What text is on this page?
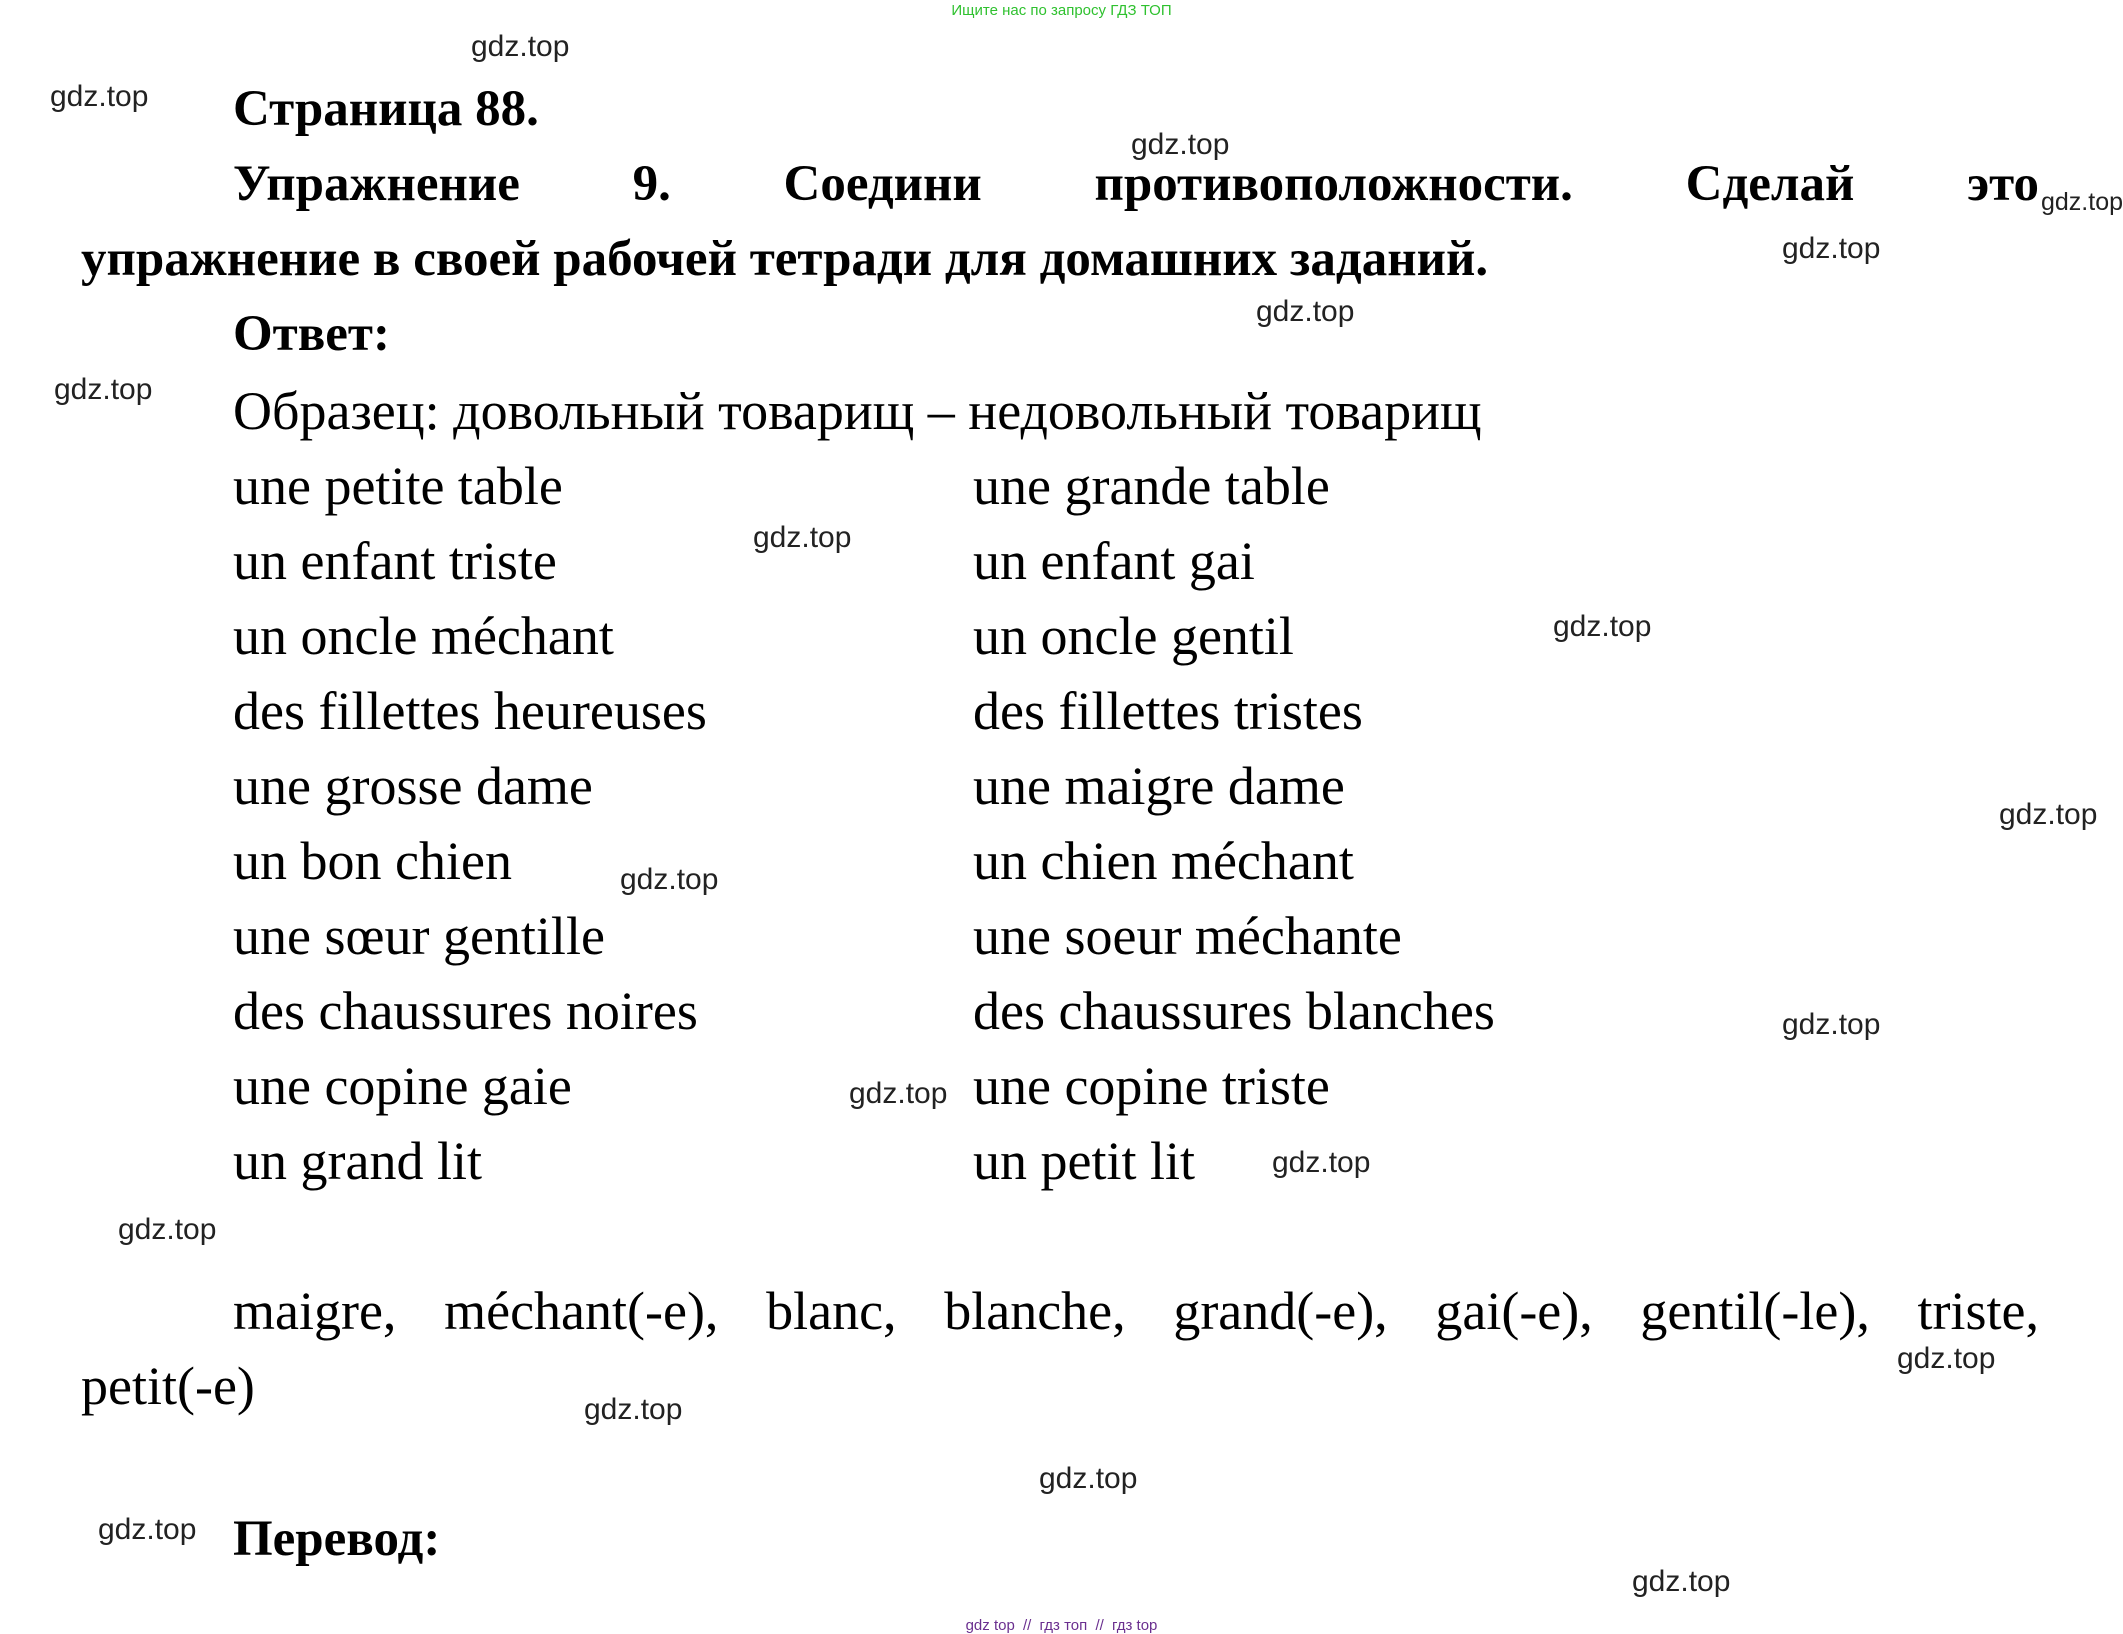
Ищите нас по запросу ГДЗ ТОП
Страница 88.
Упражнение 9. Соедини противоположности. Сделай это
упражнение в своей рабочей тетради для домашних заданий.
Ответ:
Образец: довольный товарищ – недовольный товарищ
une petite table	une grande table
un enfant triste	un enfant gai
un oncle méchant	un oncle gentil
des fillettes heureuses	des fillettes tristes
une grosse dame	une maigre dame
un bon chien	un chien méchant
une sœur gentille	une soeur méchante
des chaussures noires	des chaussures blanches
une copine gaie	une copine triste
un grand lit	un petit lit
maigre, méchant(-e), blanc, blanche, grand(-e), gai(-e), gentil(-le), triste,
petit(-e)
Перевод:
gdz.top
gdz.top
gdz.top
gdz.top
gdz.top
gdz.top
gdz.top
gdz.top
gdz.top
gdz.top
gdz.top
gdz.top
gdz.top
gdz.top
gdz.top
gdz.top
gdz.top
gdz.top
gdz.top
gdz.top
gdz top // гдз топ // гдз top
